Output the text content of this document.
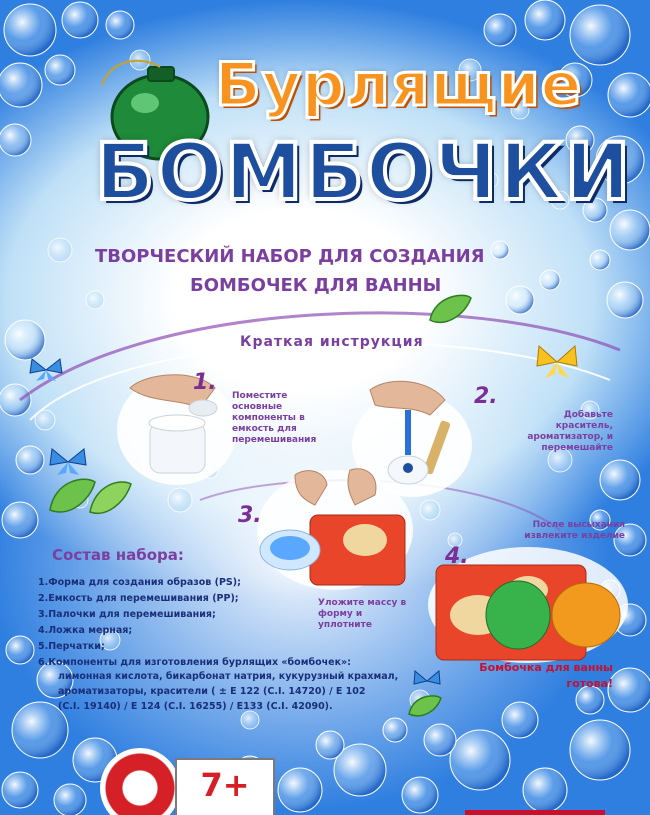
Бурлящие
БОМБОЧКИ
ТВОРЧЕСКИЙ НАБОР ДЛЯ СОЗДАНИЯ
БОМБОЧЕК ДЛЯ ВАННЫ
Краткая инструкция
1.
Поместите основные компоненты в емкость для перемешивания
2.
Добавьте краситель, ароматизатор, и перемешайте
3.
Уложите массу в форму и уплотните
4.
После высыхания извлеките изделие
Бомбочка для ванны
готова!
Состав набора:
1.Форма для создания образов (PS);
2.Емкость для перемешивания (PP);
3.Палочки для перемешивания;
4.Ложка мерная;
5.Перчатки;
6.Компоненты для изготовления бурлящих «бомбочек»:
лимонная кислота, бикарбонат натрия, кукурузный крахмал,
ароматизаторы, красители ( ± E 122 (C.I. 14720) / E 102
(C.I. 19140) / E 124 (C.I. 16255) / E133 (C.I. 42090).
7+
